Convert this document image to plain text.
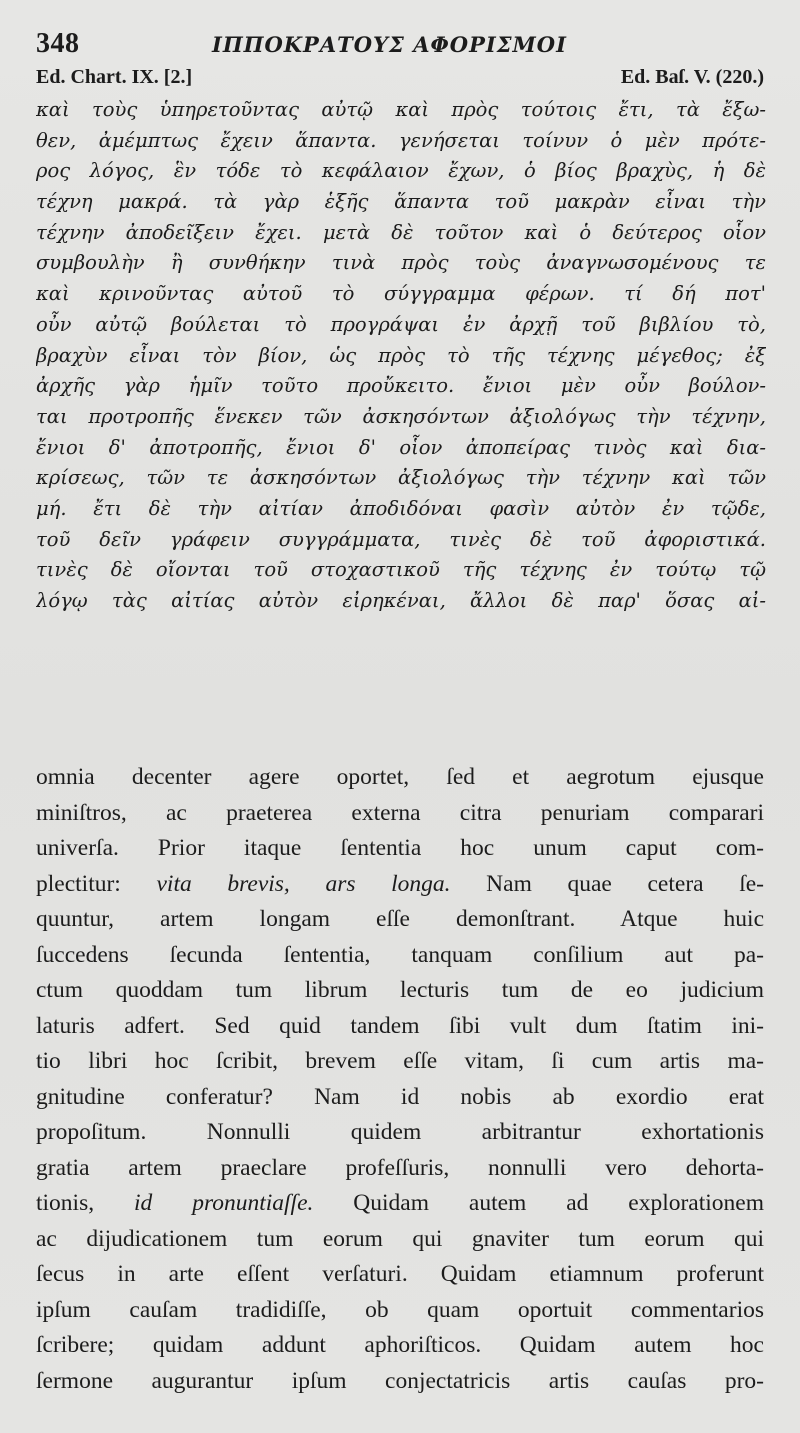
348	ΙΠΠΟΚΡΑΤΟΥΣ ΑΦΟΡΙΣΜΟΙ
Ed. Chart. IX. [2.]	Ed. Baſ. V. (220.)
καὶ τοὺς ὑπηρετοῦντας αὐτῷ καὶ πρὸς τούτοις ἔτι, τὰ ἔξω-
θεν, ἀμέμπτως ἔχειν ἅπαντα. γενήσεται τοίνυν ὁ μὲν πρότε-
ρος λόγος, ἓν τόδε τὸ κεφάλαιον ἔχων, ὁ βίος βραχὺς, ἡ δὲ
τέχνη μακρά. τὰ γὰρ ἑξῆς ἅπαντα τοῦ μακρὰν εἶναι τὴν
τέχνην ἀποδεῖξειν ἔχει. μετὰ δὲ τοῦτον καὶ ὁ δεύτερος οἷον
συμβουλὴν ἢ συνθήκην τινὰ πρὸς τοὺς ἀναγνωσομένους τε
καὶ κρινοῦντας αὐτοῦ τὸ σύγγραμμα φέρων. τί δή ποτ'
οὖν αὐτῷ βούλεται τὸ προγράψαι ἐν ἀρχῇ τοῦ βιβλίου τὸ,
βραχὺν εἶναι τὸν βίον, ὡς πρὸς τὸ τῆς τέχνης μέγεθος; ἐξ
ἀρχῆς γὰρ ἡμῖν τοῦτο προὔκειτο. ἔνιοι μὲν οὖν βούλον-
ται προτροπῆς ἕνεκεν τῶν ἀσκησόντων ἀξιολόγως τὴν τέχνην,
ἔνιοι δ' ἀποτροπῆς, ἔνιοι δ' οἷον ἀποπείρας τινὸς καὶ δια-
κρίσεως, τῶν τε ἀσκησόντων ἀξιολόγως τὴν τέχνην καὶ τῶν
μή. ἔτι δὲ τὴν αἰτίαν ἀποδιδόναι φασὶν αὐτὸν ἐν τῷδε,
τοῦ δεῖν γράφειν συγγράμματα, τινὲς δὲ τοῦ ἀφοριστικά.
τινὲς δὲ οἴονται τοῦ στοχαστικοῦ τῆς τέχνης ἐν τούτῳ τῷ
λόγῳ τὰς αἰτίας αὐτὸν εἰρηκέναι, ἄλλοι δὲ παρ' ὅσας αἰ-
omnia decenter agere oportet, ſed et aegrotum ejusque
miniſtros, ac praeterea externa citra penuriam comparari
univerſa. Prior itaque ſententia hoc unum caput com-
plectitur: vita brevis, ars longa. Nam quae cetera ſe-
quuntur, artem longam eſſe demonſtrant. Atque huic
ſuccedens ſecunda ſententia, tanquam conſilium aut pa-
ctum quoddam tum librum lecturis tum de eo judicium
laturis adfert. Sed quid tandem ſibi vult dum ſtatim ini-
tio libri hoc ſcribit, brevem eſſe vitam, ſi cum artis ma-
gnitudine conferatur? Nam id nobis ab exordio erat
propoſitum. Nonnulli quidem arbitrantur exhortationis
gratia artem praeclare profeſſuris, nonnulli vero dehorta-
tionis, id pronuntiaſſe. Quidam autem ad explorationem
ac dijudicationem tum eorum qui gnaviter tum eorum qui
ſecus in arte eſſent verſaturi. Quidam etiamnum proferunt
ipſum cauſam tradidiſſe, ob quam oportuit commentarios
ſcribere; quidam addunt aphoriſticos. Quidam autem hoc
ſermone augurantur ipſum conjectatricis artis cauſas pro-
